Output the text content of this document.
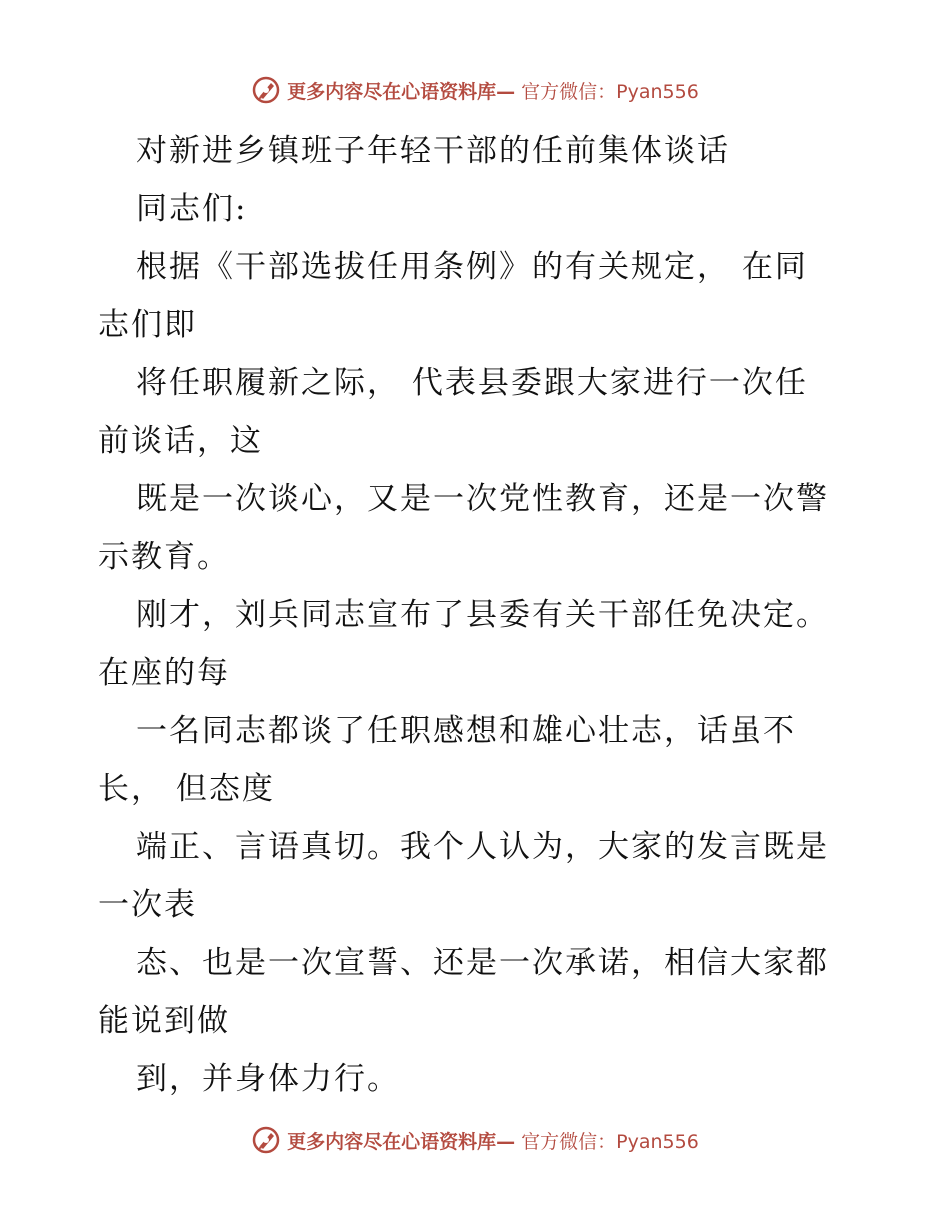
更多内容尽在心语资料库— 官方微信：Pyan556
对新进乡镇班子年轻干部的任前集体谈话
同志们:
根据《干部选拔任用条例》的有关规定， 在同
志们即
将任职履新之际， 代表县委跟大家进行一次任
前谈话，这
既是一次谈心，又是一次党性教育，还是一次警
示教育。
刚才，刘兵同志宣布了县委有关干部任免决定。
在座的每
一名同志都谈了任职感想和雄心壮志，话虽不
长， 但态度
端正、言语真切。我个人认为，大家的发言既是
一次表
态、也是一次宣誓、还是一次承诺，相信大家都
能说到做
到，并身体力行。
更多内容尽在心语资料库— 官方微信：Pyan556
